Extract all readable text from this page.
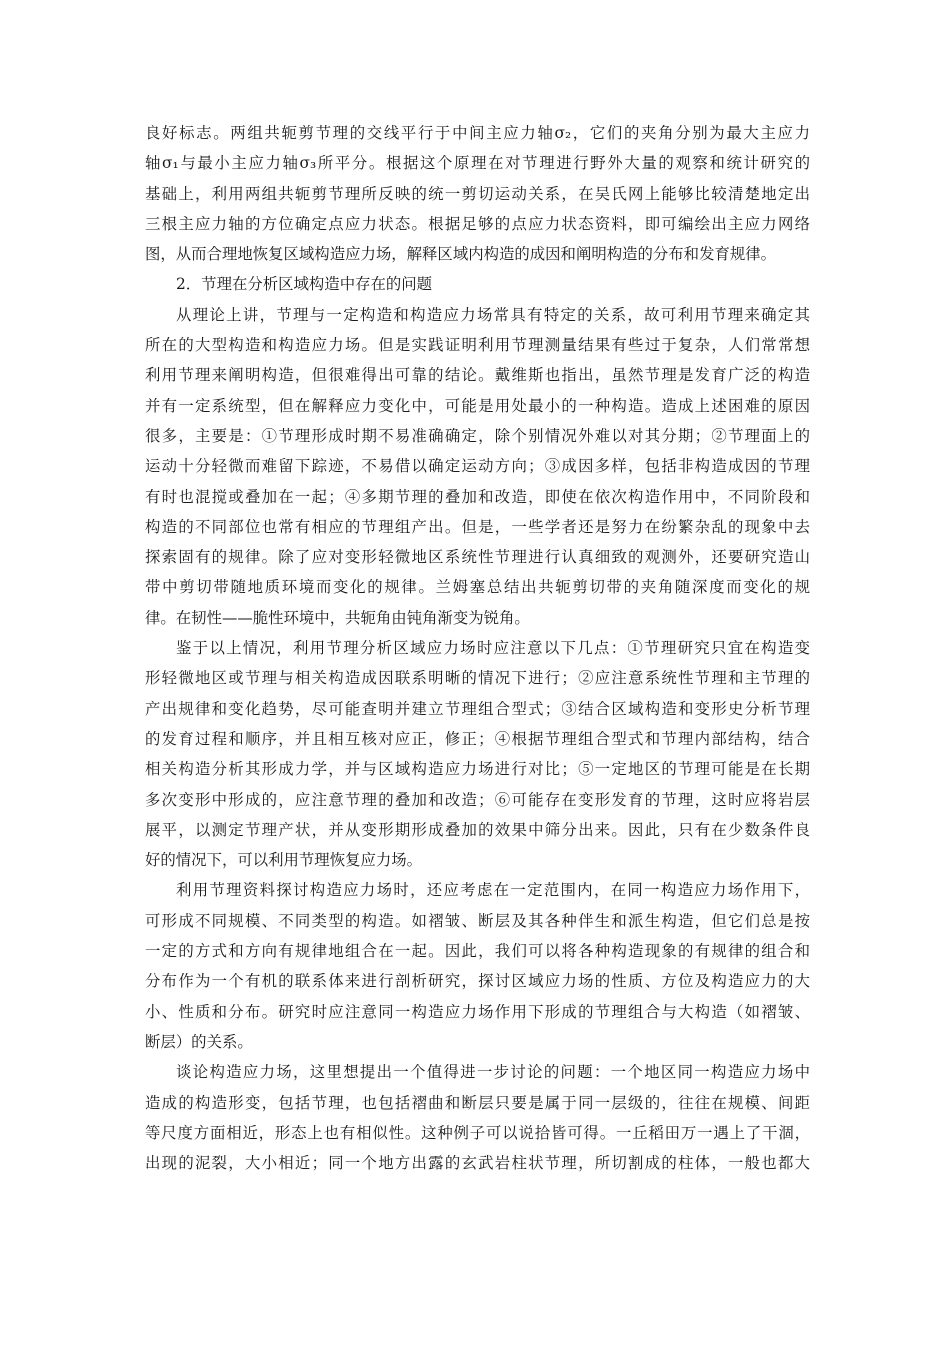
良好标志。两组共轭剪节理的交线平行于中间主应力轴σ₂，它们的夹角分别为最大主应力
轴σ₁与最小主应力轴σ₃所平分。根据这个原理在对节理进行野外大量的观察和统计研究的
基础上，利用两组共轭剪节理所反映的统一剪切运动关系，在吴氏网上能够比较清楚地定出
三根主应力轴的方位确定点应力状态。根据足够的点应力状态资料，即可编绘出主应力网络
图，从而合理地恢复区域构造应力场，解释区域内构造的成因和阐明构造的分布和发育规律。
2．节理在分析区域构造中存在的问题
从理论上讲，节理与一定构造和构造应力场常具有特定的关系，故可利用节理来确定其
所在的大型构造和构造应力场。但是实践证明利用节理测量结果有些过于复杂，人们常常想
利用节理来阐明构造，但很难得出可靠的结论。戴维斯也指出，虽然节理是发育广泛的构造
并有一定系统型，但在解释应力变化中，可能是用处最小的一种构造。造成上述困难的原因
很多，主要是：①节理形成时期不易准确确定，除个别情况外难以对其分期；②节理面上的
运动十分轻微而难留下踪迹，不易借以确定运动方向；③成因多样，包括非构造成因的节理
有时也混搅或叠加在一起；④多期节理的叠加和改造，即使在依次构造作用中，不同阶段和
构造的不同部位也常有相应的节理组产出。但是，一些学者还是努力在纷繁杂乱的现象中去
探索固有的规律。除了应对变形轻微地区系统性节理进行认真细致的观测外，还要研究造山
带中剪切带随地质环境而变化的规律。兰姆塞总结出共轭剪切带的夹角随深度而变化的规
律。在韧性——脆性环境中，共轭角由钝角渐变为锐角。
鉴于以上情况，利用节理分析区域应力场时应注意以下几点：①节理研究只宜在构造变
形轻微地区或节理与相关构造成因联系明晰的情况下进行；②应注意系统性节理和主节理的
产出规律和变化趋势，尽可能查明并建立节理组合型式；③结合区域构造和变形史分析节理
的发育过程和顺序，并且相互核对应正，修正；④根据节理组合型式和节理内部结构，结合
相关构造分析其形成力学，并与区域构造应力场进行对比；⑤一定地区的节理可能是在长期
多次变形中形成的，应注意节理的叠加和改造；⑥可能存在变形发育的节理，这时应将岩层
展平，以测定节理产状，并从变形期形成叠加的效果中筛分出来。因此，只有在少数条件良
好的情况下，可以利用节理恢复应力场。
利用节理资料探讨构造应力场时，还应考虑在一定范围内，在同一构造应力场作用下，
可形成不同规模、不同类型的构造。如褶皱、断层及其各种伴生和派生构造，但它们总是按
一定的方式和方向有规律地组合在一起。因此，我们可以将各种构造现象的有规律的组合和
分布作为一个有机的联系体来进行剖析研究，探讨区域应力场的性质、方位及构造应力的大
小、性质和分布。研究时应注意同一构造应力场作用下形成的节理组合与大构造（如褶皱、
断层）的关系。
谈论构造应力场，这里想提出一个值得进一步讨论的问题：一个地区同一构造应力场中
造成的构造形变，包括节理，也包括褶曲和断层只要是属于同一层级的，往往在规模、间距
等尺度方面相近，形态上也有相似性。这种例子可以说拾皆可得。一丘稻田万一遇上了干涸，
出现的泥裂，大小相近；同一个地方出露的玄武岩柱状节理，所切割成的柱体，一般也都大
